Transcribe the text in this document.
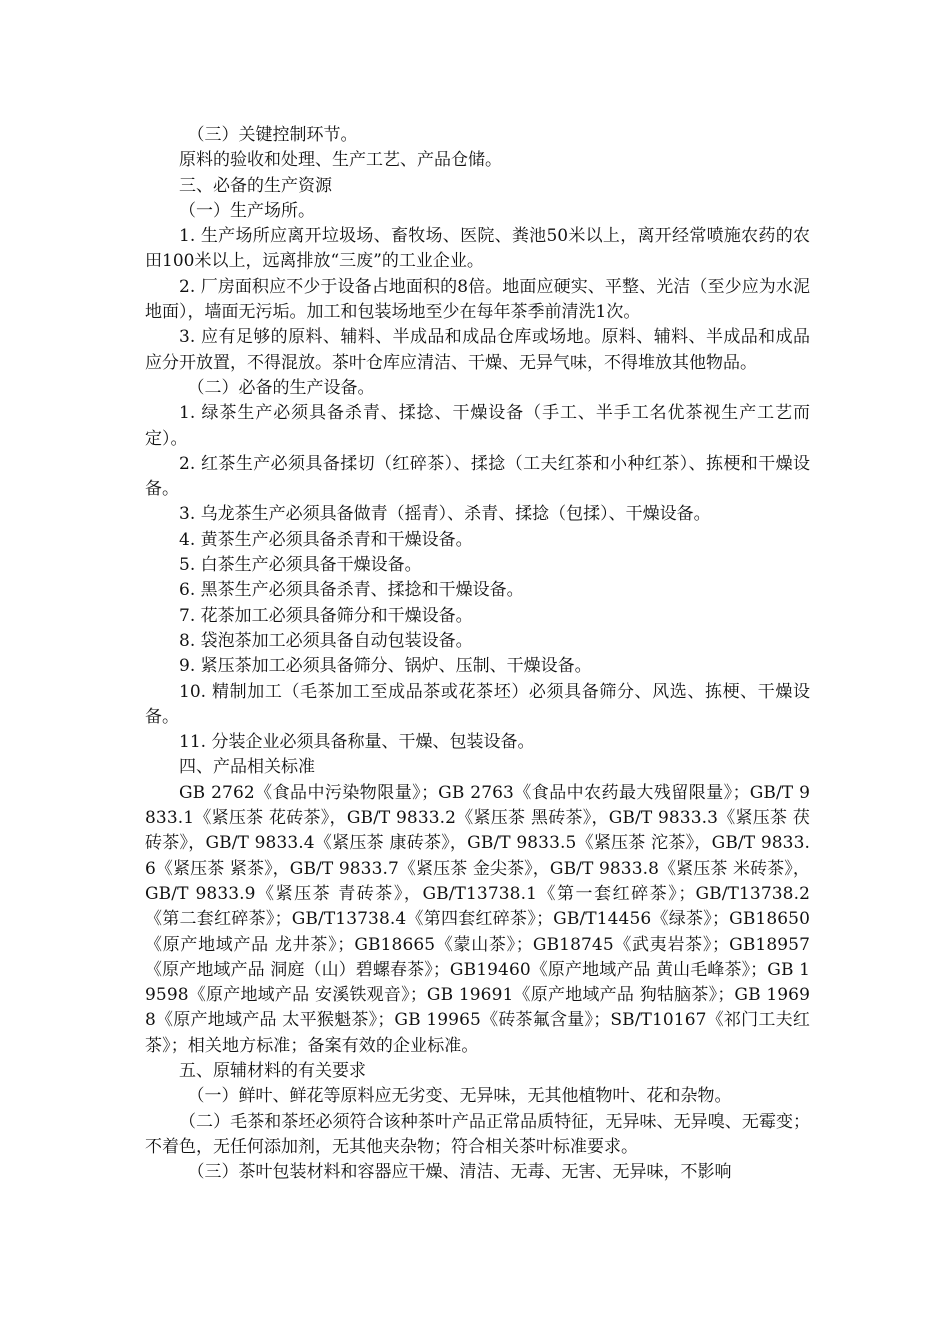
（三）关键控制环节。

原料的验收和处理、生产工艺、产品仓储。

三、必备的生产资源

（一）生产场所。

1. 生产场所应离开垃圾场、畜牧场、医院、粪池50米以上，离开经常喷施农药的农田100米以上，远离排放“三废”的工业企业。

2. 厂房面积应不少于设备占地面积的8倍。地面应硬实、平整、光洁（至少应为水泥地面），墙面无污垢。加工和包装场地至少在每年茶季前清洗1次。

3. 应有足够的原料、辅料、半成品和成品仓库或场地。原料、辅料、半成品和成品应分开放置，不得混放。茶叶仓库应清洁、干燥、无异气味，不得堆放其他物品。

（二）必备的生产设备。

1. 绿茶生产必须具备杀青、揉捻、干燥设备（手工、半手工名优茶视生产工艺而定）。

2. 红茶生产必须具备揉切（红碎茶）、揉捻（工夫红茶和小种红茶）、拣梗和干燥设备。

3. 乌龙茶生产必须具备做青（摇青）、杀青、揉捻（包揉）、干燥设备。

4. 黄茶生产必须具备杀青和干燥设备。

5. 白茶生产必须具备干燥设备。

6. 黑茶生产必须具备杀青、揉捻和干燥设备。

7. 花茶加工必须具备筛分和干燥设备。

8. 袋泡茶加工必须具备自动包装设备。

9. 紧压茶加工必须具备筛分、锅炉、压制、干燥设备。

10. 精制加工（毛茶加工至成品茶或花茶坯）必须具备筛分、风选、拣梗、干燥设备。

11. 分装企业必须具备称量、干燥、包装设备。

四、产品相关标准

GB 2762《食品中污染物限量》；GB 2763《食品中农药最大残留限量》；GB/T 9833.1《紧压茶 花砖茶》，GB/T 9833.2《紧压茶 黑砖茶》，GB/T 9833.3《紧压茶 茯砖茶》，GB/T 9833.4《紧压茶 康砖茶》，GB/T 9833.5《紧压茶 沱茶》，GB/T 9833.6《紧压茶 紧茶》，GB/T 9833.7《紧压茶 金尖茶》，GB/T 9833.8《紧压茶 米砖茶》，GB/T 9833.9《紧压茶 青砖茶》，GB/T13738.1《第一套红碎茶》；GB/T13738.2《第二套红碎茶》；GB/T13738.4《第四套红碎茶》；GB/T14456《绿茶》；GB18650《原产地域产品 龙井茶》；GB18665《蒙山茶》；GB18745《武夷岩茶》；GB18957《原产地域产品 洞庭（山）碧螺春茶》；GB19460《原产地域产品 黄山毛峰茶》；GB 19598《原产地域产品 安溪铁观音》；GB 19691《原产地域产品 狗牯脑茶》；GB 19698《原产地域产品 太平猴魁茶》；GB 19965《砖茶氟含量》；SB/T10167《祁门工夫红茶》；相关地方标准；备案有效的企业标准。

五、原辅材料的有关要求

（一）鲜叶、鲜花等原料应无劣变、无异味，无其他植物叶、花和杂物。

（二）毛茶和茶坯必须符合该种茶叶产品正常品质特征，无异味、无异嗅、无霉变；不着色，无任何添加剂，无其他夹杂物；符合相关茶叶标准要求。

（三）茶叶包装材料和容器应干燥、清洁、无毒、无害、无异味，不影响
